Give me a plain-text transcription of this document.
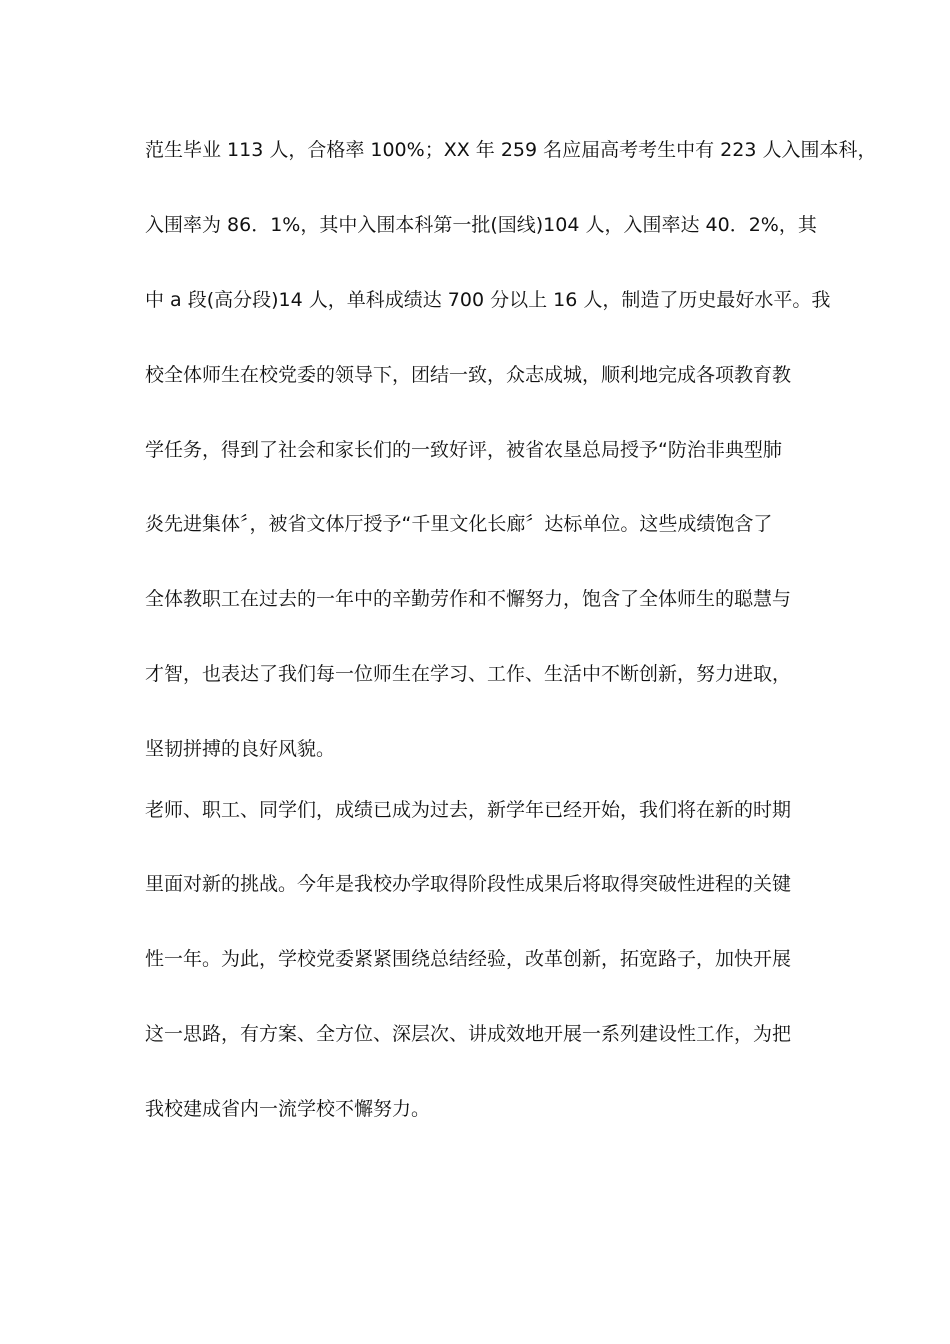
范生毕业 113 人，合格率 100%；XX 年 259 名应届高考考生中有 223 人入围本科，
入围率为 86．1%，其中入围本科第一批(国线)104 人，入围率达 40．2%，其
中 a 段(高分段)14 人，单科成绩达 700 分以上 16 人，制造了历史最好水平。我
校全体师生在校党委的领导下，团结一致，众志成城，顺利地完成各项教育教
学任务，得到了社会和家长们的一致好评，被省农垦总局授予“防治非典型肺
炎先进集体〞，被省文体厅授予“千里文化长廊〞达标单位。这些成绩饱含了
全体教职工在过去的一年中的辛勤劳作和不懈努力，饱含了全体师生的聪慧与
才智，也表达了我们每一位师生在学习、工作、生活中不断创新，努力进取，
坚韧拼搏的良好风貌。
老师、职工、同学们，成绩已成为过去，新学年已经开始，我们将在新的时期
里面对新的挑战。今年是我校办学取得阶段性成果后将取得突破性进程的关键
性一年。为此，学校党委紧紧围绕总结经验，改革创新，拓宽路子，加快开展
这一思路，有方案、全方位、深层次、讲成效地开展一系列建设性工作，为把
我校建成省内一流学校不懈努力。
